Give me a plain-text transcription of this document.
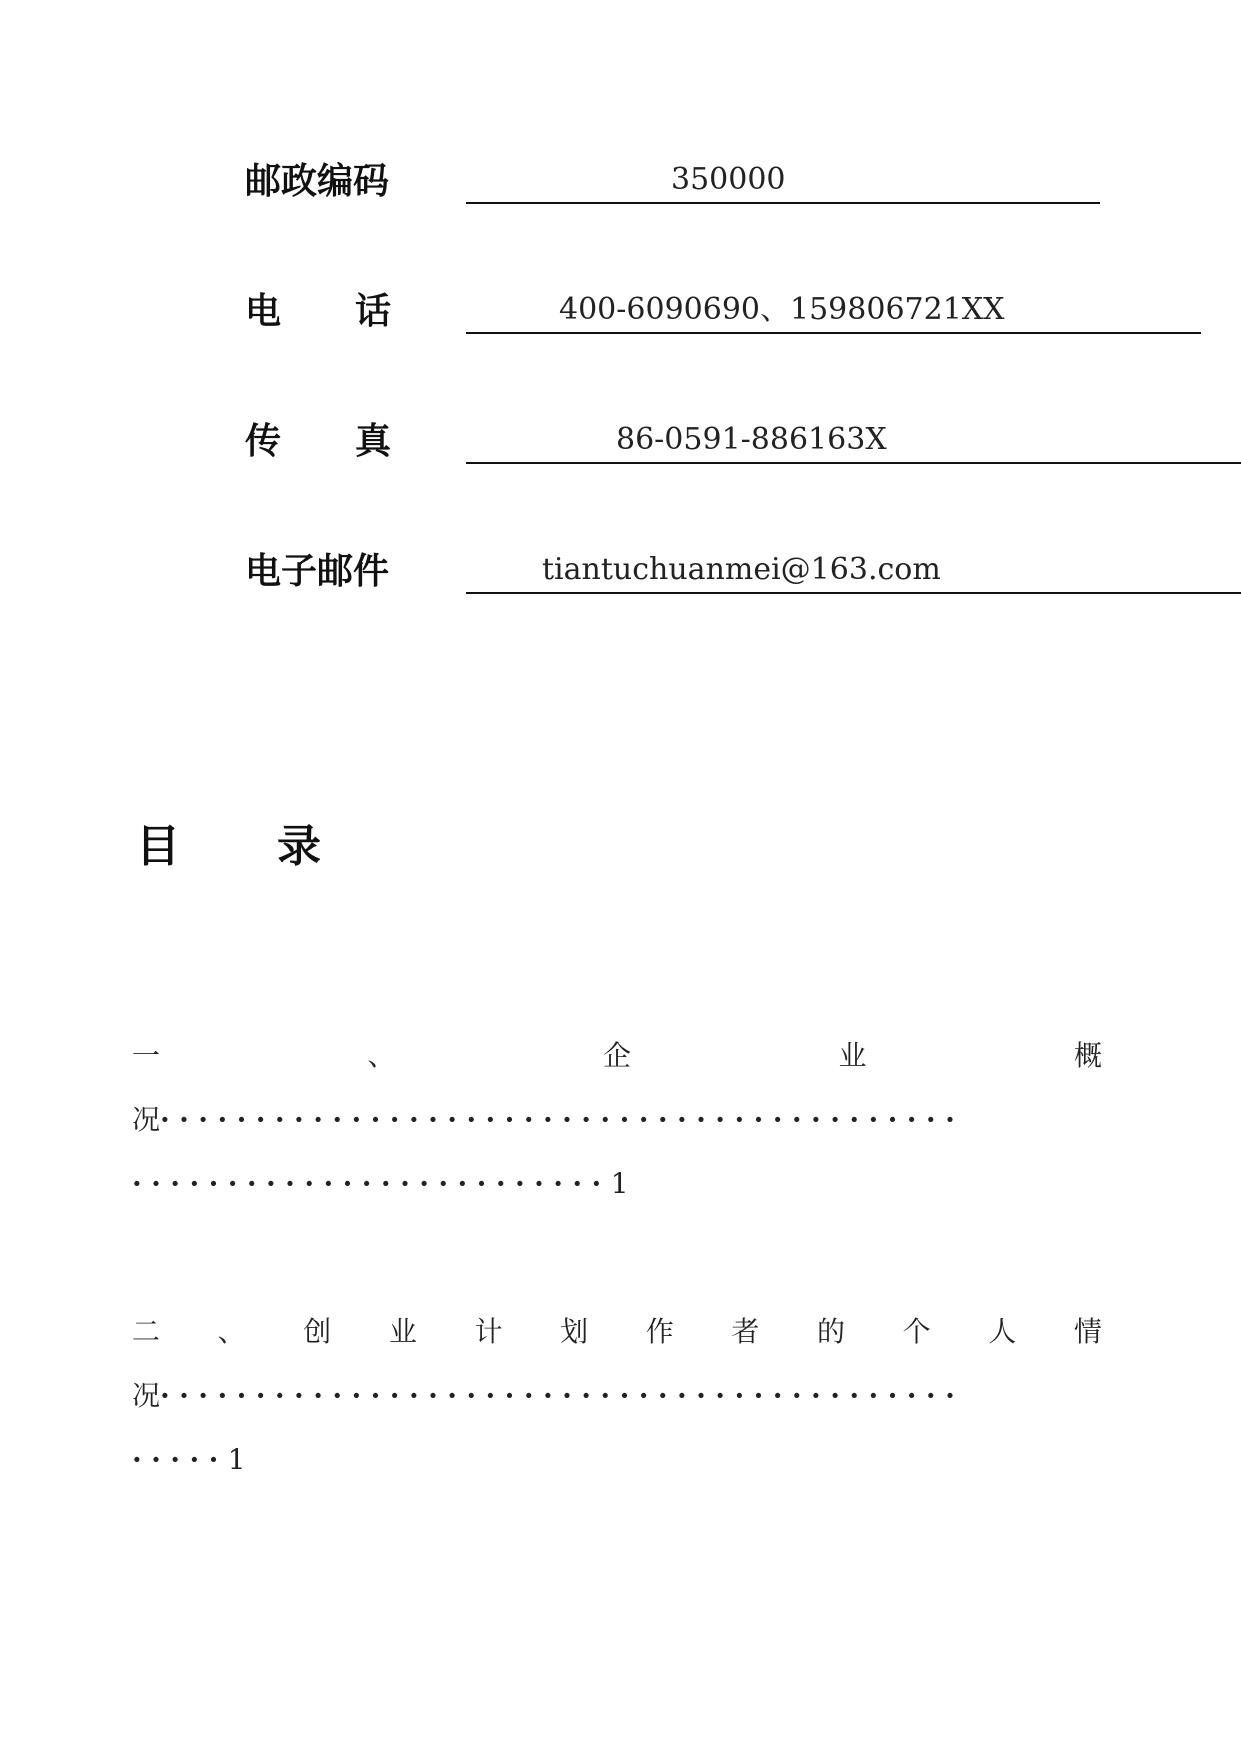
邮政编码	350000
电 话	400-6090690、159806721XX
传 真	86-0591-886163X
电子邮件	tiantuchuanmei@163.com
目 录
一	、	企	业	概
况··········································
·························1
二 、 创 业 计 划 作 者 的 个 人 情
况··········································
·····1
